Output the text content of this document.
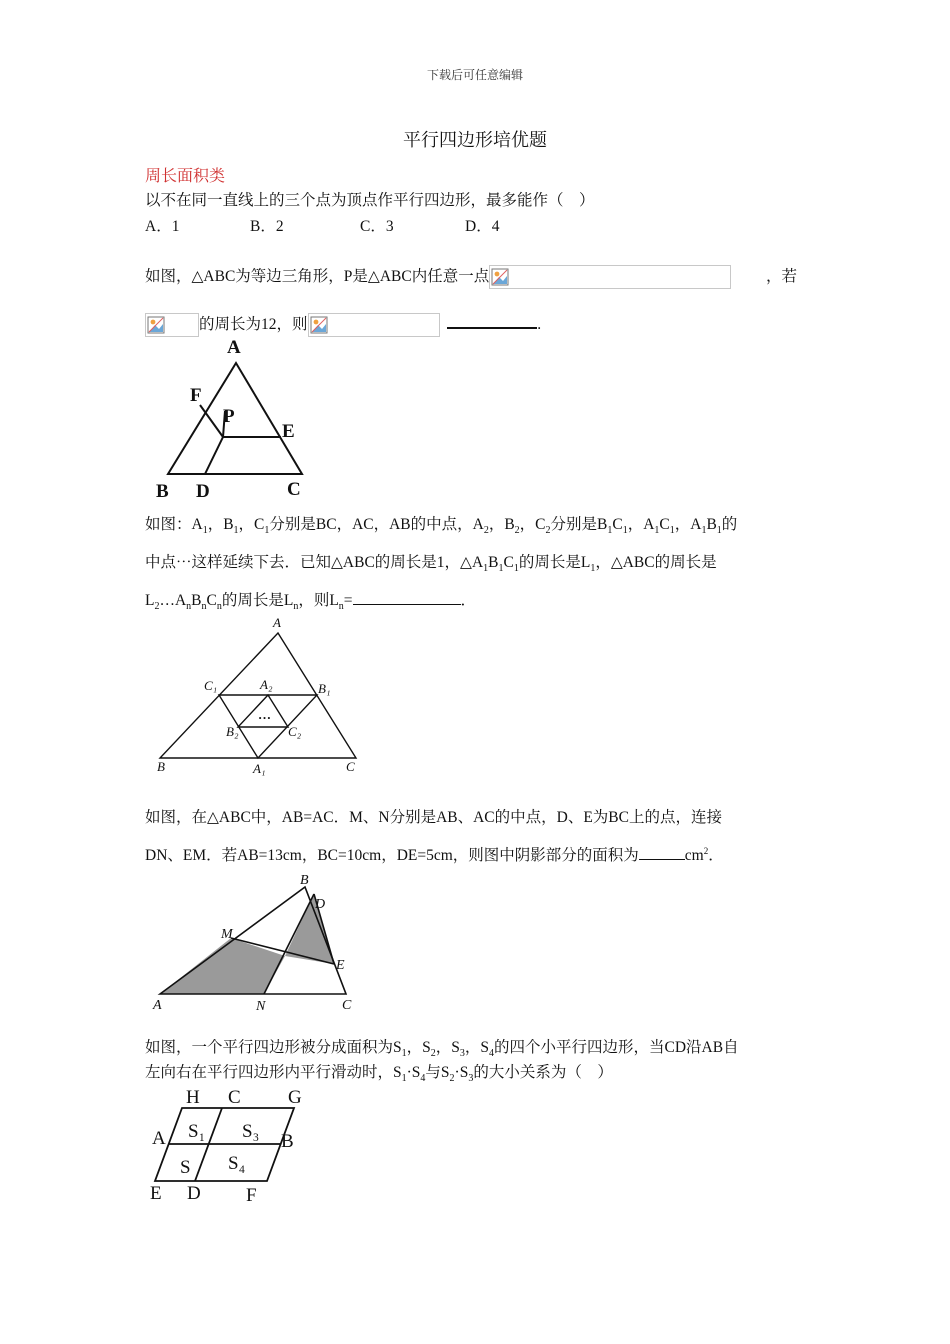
下载后可任意编辑
平行四边形培优题
周长面积类
以不在同一直线上的三个点为顶点作平行四边形，最多能作（　）
A．1	B．2	C．3	D．4
如图，△ABC为等边三角形，P是△ABC内任意一点	，若
的周长为12，则	.
A
F
P
E
B D	C
如图：$A_1$，$B_1$，$C_1$分别是BC，AC，AB的中点，$A_2$，$B_2$，$C_2$分别是$B_1C_1$，$A_1C_1$，$A_1B_1$的
中点⋯这样延续下去．已知△ABC的周长是1，$\triangle A_1B_1C_1$的周长是$L_1$，△ABC的周长是
$L_2\dots A_nB_nC_n$的周长是$L_n$，则$L_n=$	．
A
C₁	A₂	B₁
…
B₂	C₂
B	A₁	C
如图，在△ABC中，AB=AC．M、N分别是AB、AC的中点，D、E为BC上的点，连接
DN、EM．若AB=13cm，BC=10cm，DE=5cm，则图中阴影部分的面积为	$cm^2$．
B
D
M
E
A	N	C
如图，一个平行四边形被分成面积为$S_1$，$S_2$，$S_3$，$S_4$的四个小平行四边形，当CD沿AB自
左向右在平行四边形内平行滑动时，$S_1\cdot S_4$与$S_2\cdot S_3$的大小关系为（　）
H C G
A S₁ S₃ B
S S₄
E D F
